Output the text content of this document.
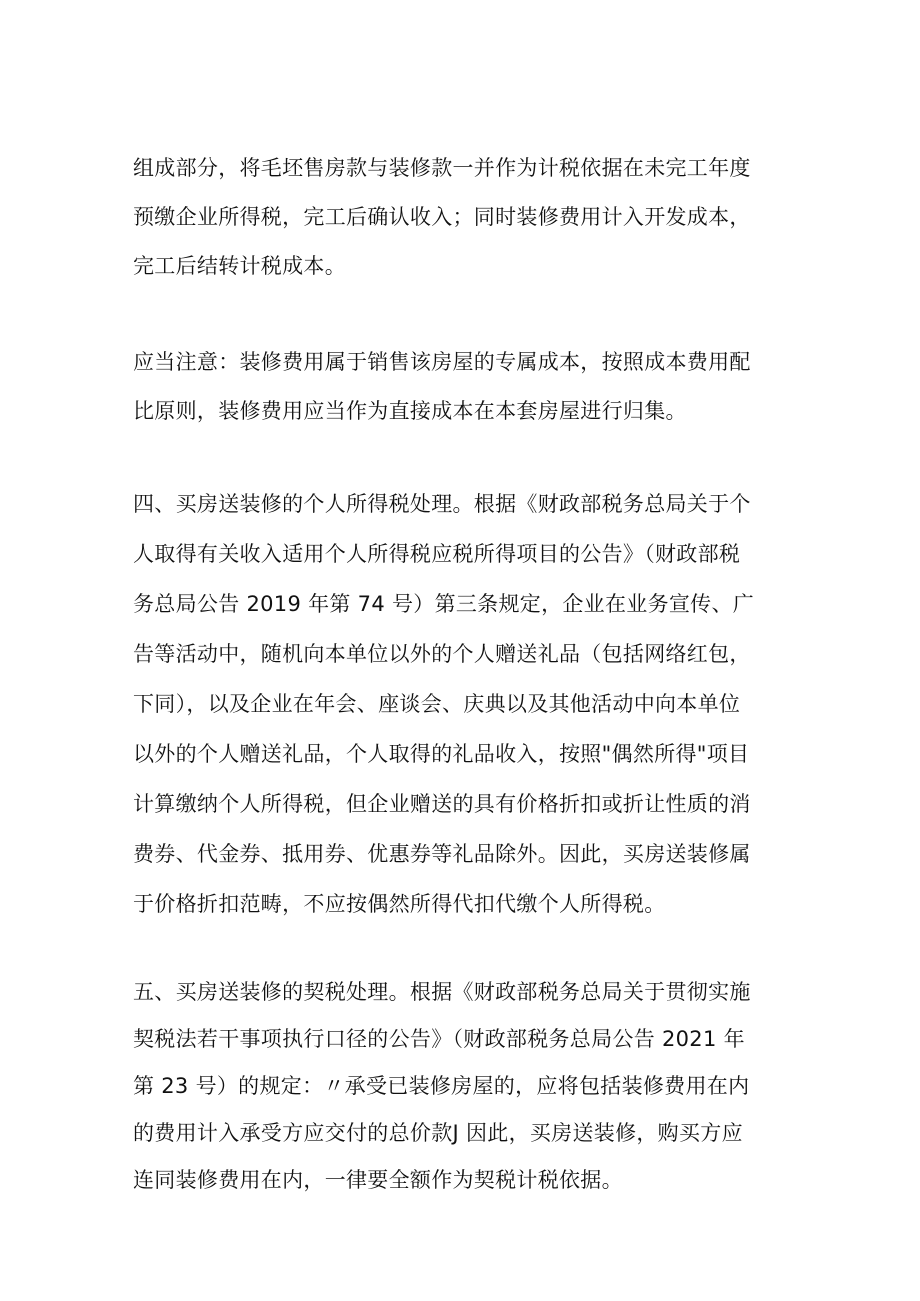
组成部分，将毛坯售房款与装修款一并作为计税依据在未完工年度
预缴企业所得税，完工后确认收入；同时装修费用计入开发成本，
完工后结转计税成本。
应当注意：装修费用属于销售该房屋的专属成本，按照成本费用配
比原则，装修费用应当作为直接成本在本套房屋进行归集。
四、买房送装修的个人所得税处理。根据《财政部税务总局关于个
人取得有关收入适用个人所得税应税所得项目的公告》（财政部税
务总局公告 2019 年第 74 号）第三条规定，企业在业务宣传、广
告等活动中，随机向本单位以外的个人赠送礼品（包括网络红包，
下同），以及企业在年会、座谈会、庆典以及其他活动中向本单位
以外的个人赠送礼品，个人取得的礼品收入，按照"偶然所得"项目
计算缴纳个人所得税，但企业赠送的具有价格折扣或折让性质的消
费券、代金券、抵用券、优惠券等礼品除外。因此，买房送装修属
于价格折扣范畴，不应按偶然所得代扣代缴个人所得税。
五、买房送装修的契税处理。根据《财政部税务总局关于贯彻实施
契税法若干事项执行口径的公告》（财政部税务总局公告 2021 年
第 23 号）的规定：〃承受已装修房屋的，应将包括装修费用在内
的费用计入承受方应交付的总价款J 因此，买房送装修，购买方应
连同装修费用在内，一律要全额作为契税计税依据。
